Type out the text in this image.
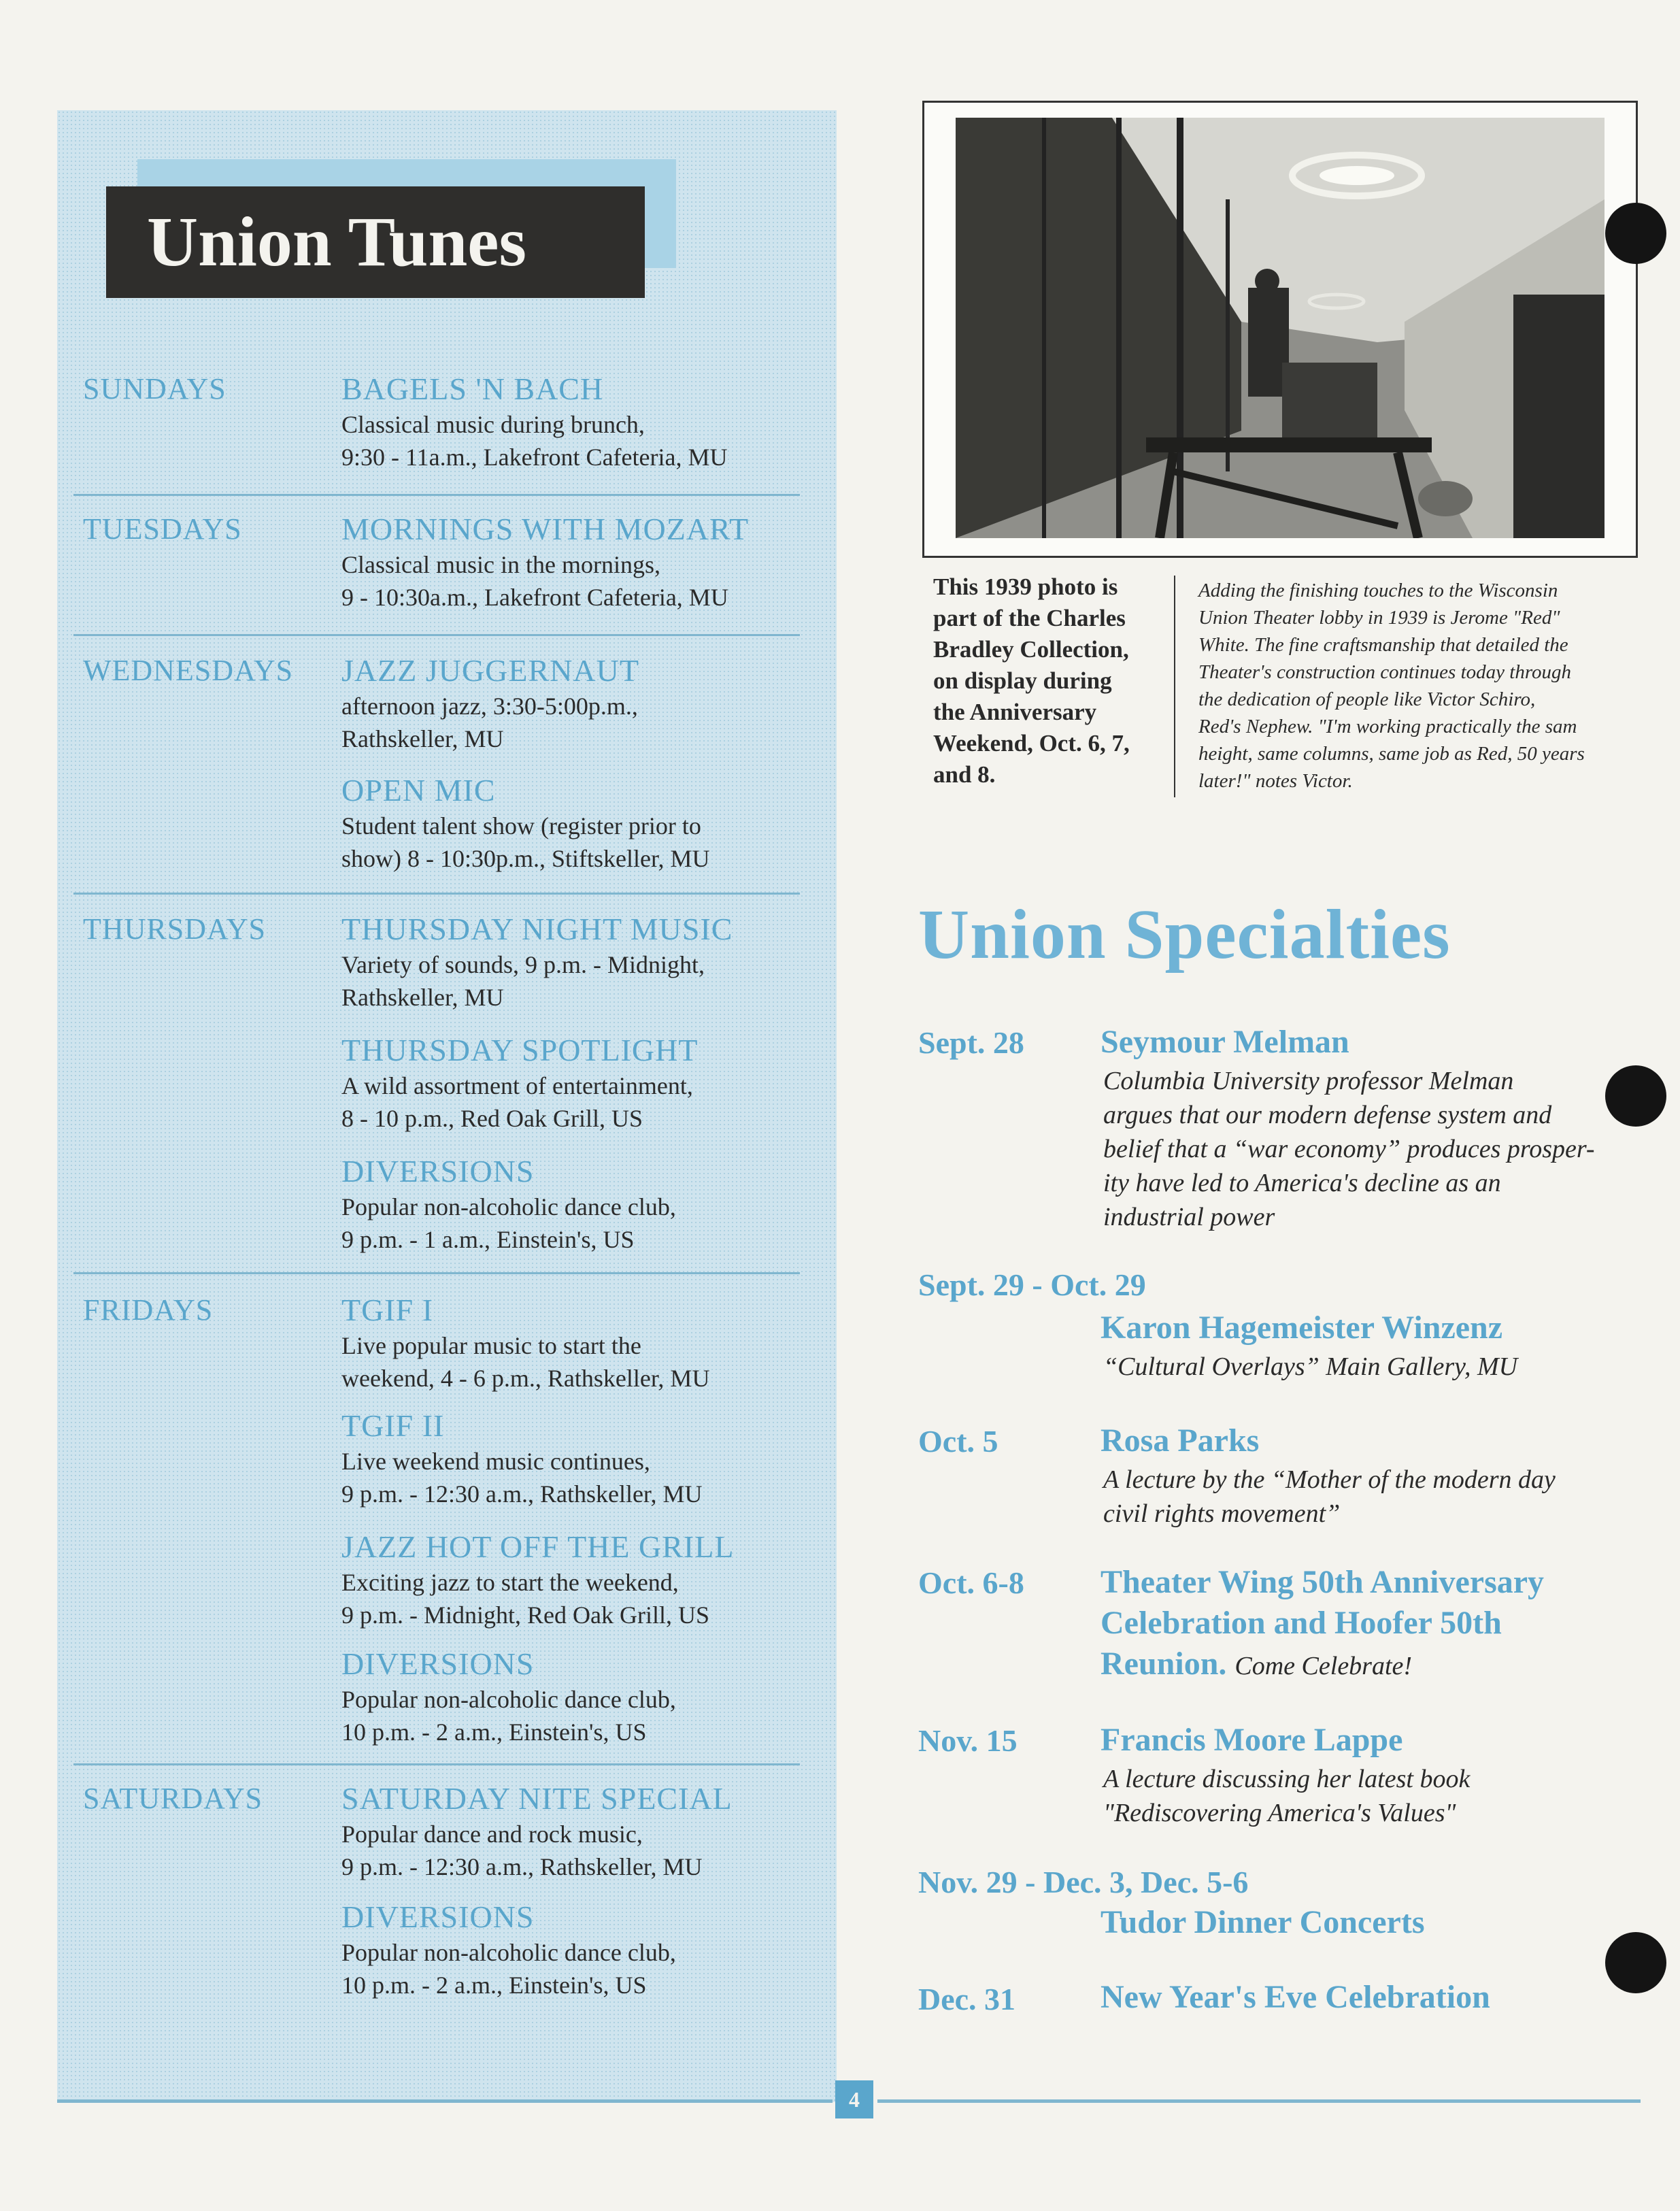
Union Tunes
SUNDAYS	BAGELS 'N BACH
Classical music during brunch,
9:30 - 11a.m., Lakefront Cafeteria, MU
TUESDAYS	MORNINGS WITH MOZART
Classical music in the mornings,
9 - 10:30a.m., Lakefront Cafeteria, MU
WEDNESDAYS JAZZ JUGGERNAUT
afternoon jazz, 3:30-5:00p.m.,
Rathskeller, MU
OPEN MIC
Student talent show (register prior to
show) 8 - 10:30p.m., Stiftskeller, MU
THURSDAYS THURSDAY NIGHT MUSIC
Variety of sounds, 9 p.m. - Midnight,
Rathskeller, MU
THURSDAY SPOTLIGHT
A wild assortment of entertainment,
8 - 10 p.m., Red Oak Grill, US
DIVERSIONS
Popular non-alcoholic dance club,
9 p.m. - 1 a.m., Einstein's, US
FRIDAYS	TGIF I
Live popular music to start the
weekend, 4 - 6 p.m., Rathskeller, MU
TGIF II
Live weekend music continues,
9 p.m. - 12:30 a.m., Rathskeller, MU
JAZZ HOT OFF THE GRILL
Exciting jazz to start the weekend,
9 p.m. - Midnight, Red Oak Grill, US
DIVERSIONS
Popular non-alcoholic dance club,
10 p.m. - 2 a.m., Einstein's, US
SATURDAYS	SATURDAY NITE SPECIAL
Popular dance and rock music,
9 p.m. - 12:30 a.m., Rathskeller, MU
DIVERSIONS
Popular non-alcoholic dance club,
10 p.m. - 2 a.m., Einstein's, US
This 1939 photo is
part of the Charles
Bradley Collection,
on display during
the Anniversary
Weekend, Oct. 6, 7,
and 8.
Adding the finishing touches to the Wisconsin
Union Theater lobby in 1939 is Jerome "Red"
White. The fine craftsmanship that detailed the
Theater's construction continues today through
the dedication of people like Victor Schiro,
Red's Nephew. "I'm working practically the sam
height, same columns, same job as Red, 50 years
later!" notes Victor.
Union Specialties
Sept. 28 Seymour Melman
Columbia University professor Melman
argues that our modern defense system and
belief that a “war economy” produces prosper-
ity have led to America's decline as an
industrial power
Sept. 29 - Oct. 29
Karon Hagemeister Winzenz
“Cultural Overlays” Main Gallery, MU
Oct. 5	Rosa Parks
A lecture by the “Mother of the modern day
civil rights movement”
Oct. 6-8 Theater Wing 50th Anniversary Celebration and Hoofer 50th Reunion. Come Celebrate!
Nov. 15	Francis Moore Lappe
A lecture discussing her latest book
"Rediscovering America's Values"
Nov. 29 - Dec. 3, Dec. 5-6
Tudor Dinner Concerts
Dec. 31	New Year's Eve Celebration
4
